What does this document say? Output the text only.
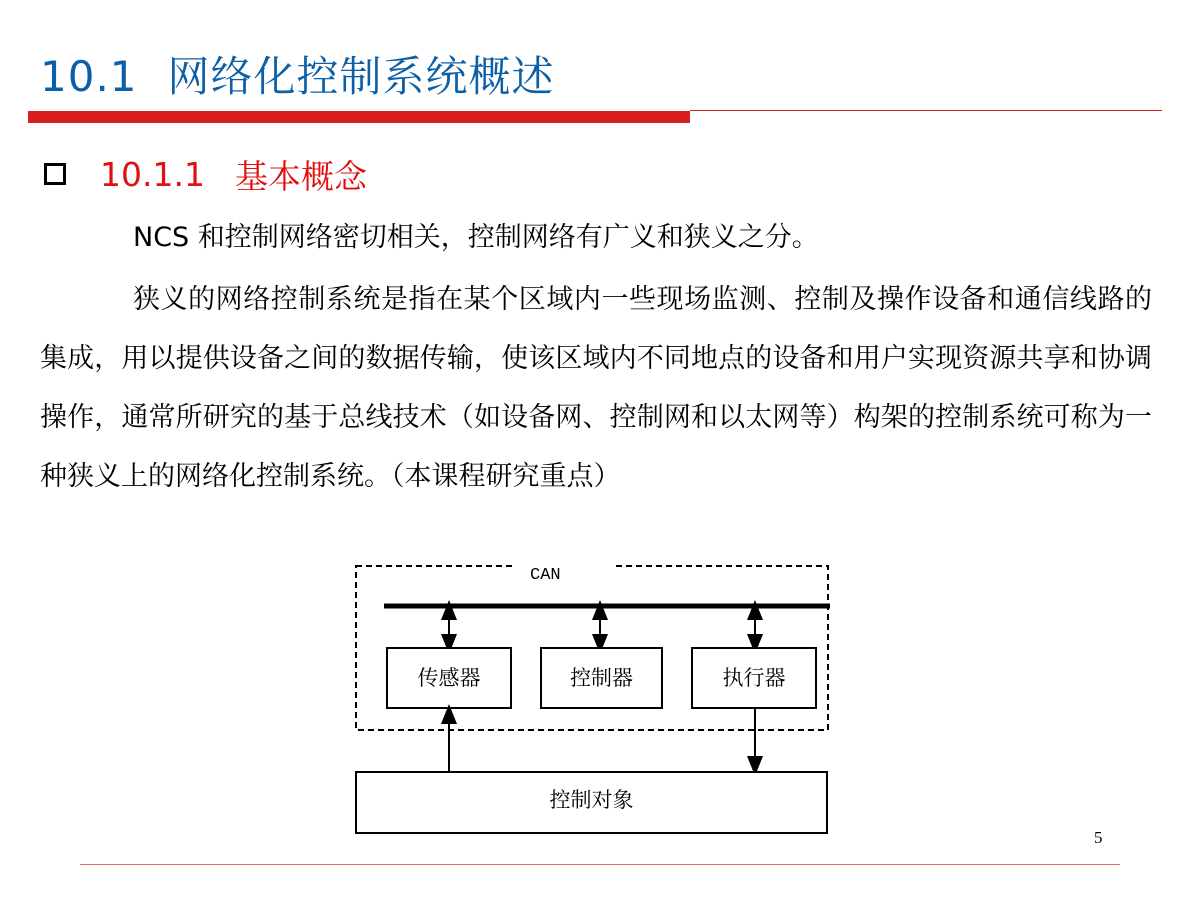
10.1 网络化控制系统概述
10.1.1 基本概念

NCS 和控制网络密切相关，控制网络有广义和狭义之分。

狭义的网络控制系统是指在某个区域内一些现场监测、控制及操作设备和通信线路的集成，用以提供设备之间的数据传输，使该区域内不同地点的设备和用户实现资源共享和协调操作，通常所研究的基于总线技术（如设备网、控制网和以太网等）构架的控制系统可称为一种狭义上的网络化控制系统。（本课程研究重点）

CAN
传感器	控制器	执行器
控制对象
5
